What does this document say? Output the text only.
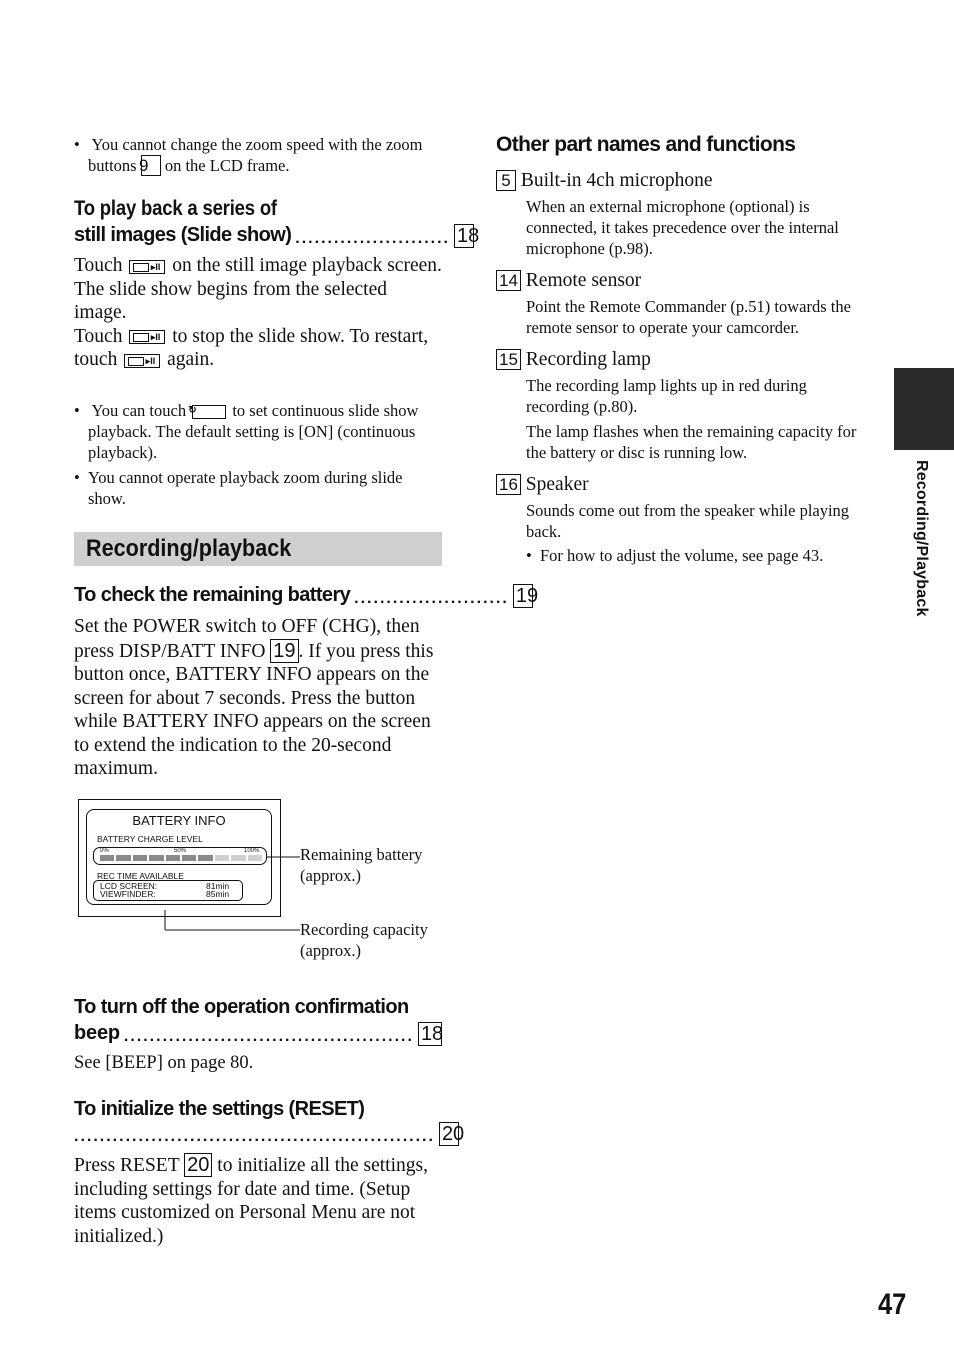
• You cannot change the zoom speed with the zoom buttons 9 on the LCD frame.
To play back a series of
still images (Slide show) ........................ 18
Touch	▸II on the still image playback screen.
The slide show begins from the selected image.
Touch	▸II to stop the slide show. To restart, touch	▸II again.
• You can touch ↻	to set continuous slide show playback. The default setting is [ON] (continuous playback).
• You cannot operate playback zoom during slide show.
Recording/playback
To check the remaining battery ........................ 19
Set the POWER switch to OFF (CHG), then press DISP/BATT INFO 19 . If you press this button once, BATTERY INFO appears on the screen for about 7 seconds. Press the button while BATTERY INFO appears on the screen to extend the indication to the 20-second maximum.
BATTERY INFO
BATTERY CHARGE LEVEL
0%	50%	100%
REC TIME AVAILABLE
LCD SCREEN:	81min
VIEWFINDER:	85min
Remaining battery (approx.)
Recording capacity (approx.)
To turn off the operation confirmation
beep ............................................. 18
See [BEEP] on page 80.
To initialize the settings (RESET)
........................................................ 20
Press RESET 20 to initialize all the settings, including settings for date and time. (Setup items customized on Personal Menu are not initialized.)
Other part names and functions
5 Built-in 4ch microphone
When an external microphone (optional) is connected, it takes precedence over the internal microphone (p.98).
14 Remote sensor
Point the Remote Commander (p.51) towards the remote sensor to operate your camcorder.
15 Recording lamp
The recording lamp lights up in red during recording (p.80).
The lamp flashes when the remaining capacity for the battery or disc is running low.
16 Speaker
Sounds come out from the speaker while playing back.
• For how to adjust the volume, see page 43.	Recording/Playback
47
